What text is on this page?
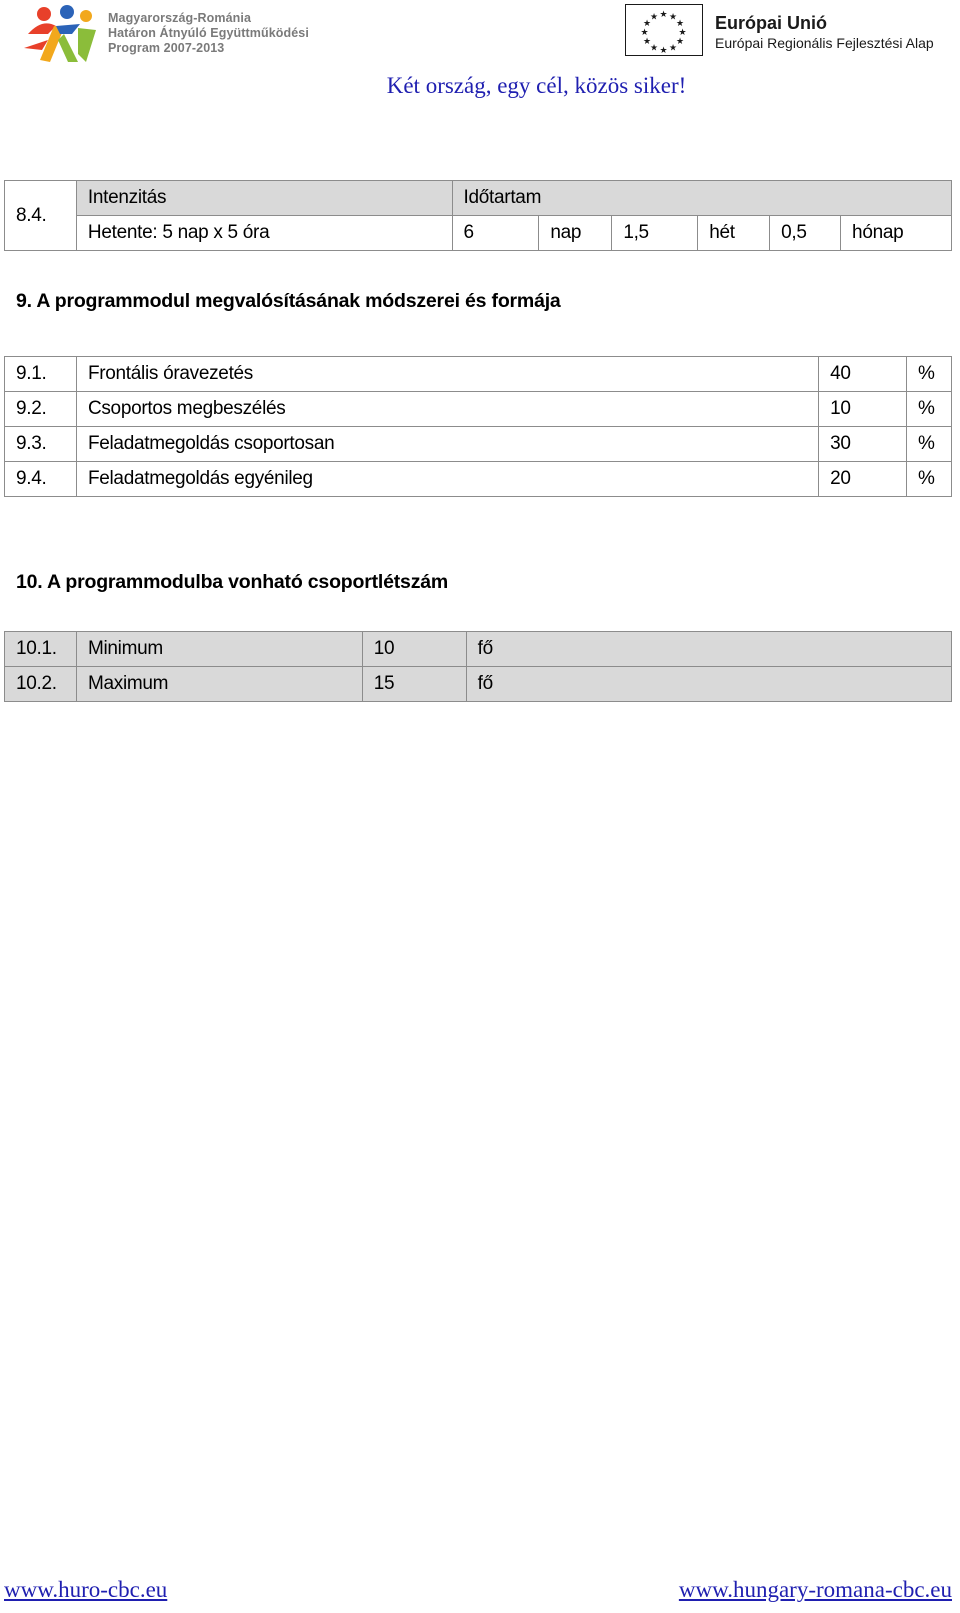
Magyarország-Románia
Határon Átnyúló Együttműködési
Program 2007-2013
★ ★
★
★
★
★
★
★
★
★
★
★	Európai Unió
Európai Regionális Fejlesztési Alap
Két ország, egy cél, közös siker!
8.4.	Intenzitás	Időtartam					
	Hetente: 5 nap x 5 óra	6	nap	1,5	hét	0,5	hónap
9. A programmodul megvalósításának módszerei és formája
9.1.	Frontális óravezetés	40	%
9.2.	Csoportos megbeszélés	10	%
9.3.	Feladatmegoldás csoportosan	30	%
9.4.	Feladatmegoldás egyénileg	20	%
10. A programmodulba vonható csoportlétszám
10.1.	Minimum	10	fő
10.2.	Maximum	15	fő
www.huro-cbc.eu	www.hungary-romana-cbc.eu
